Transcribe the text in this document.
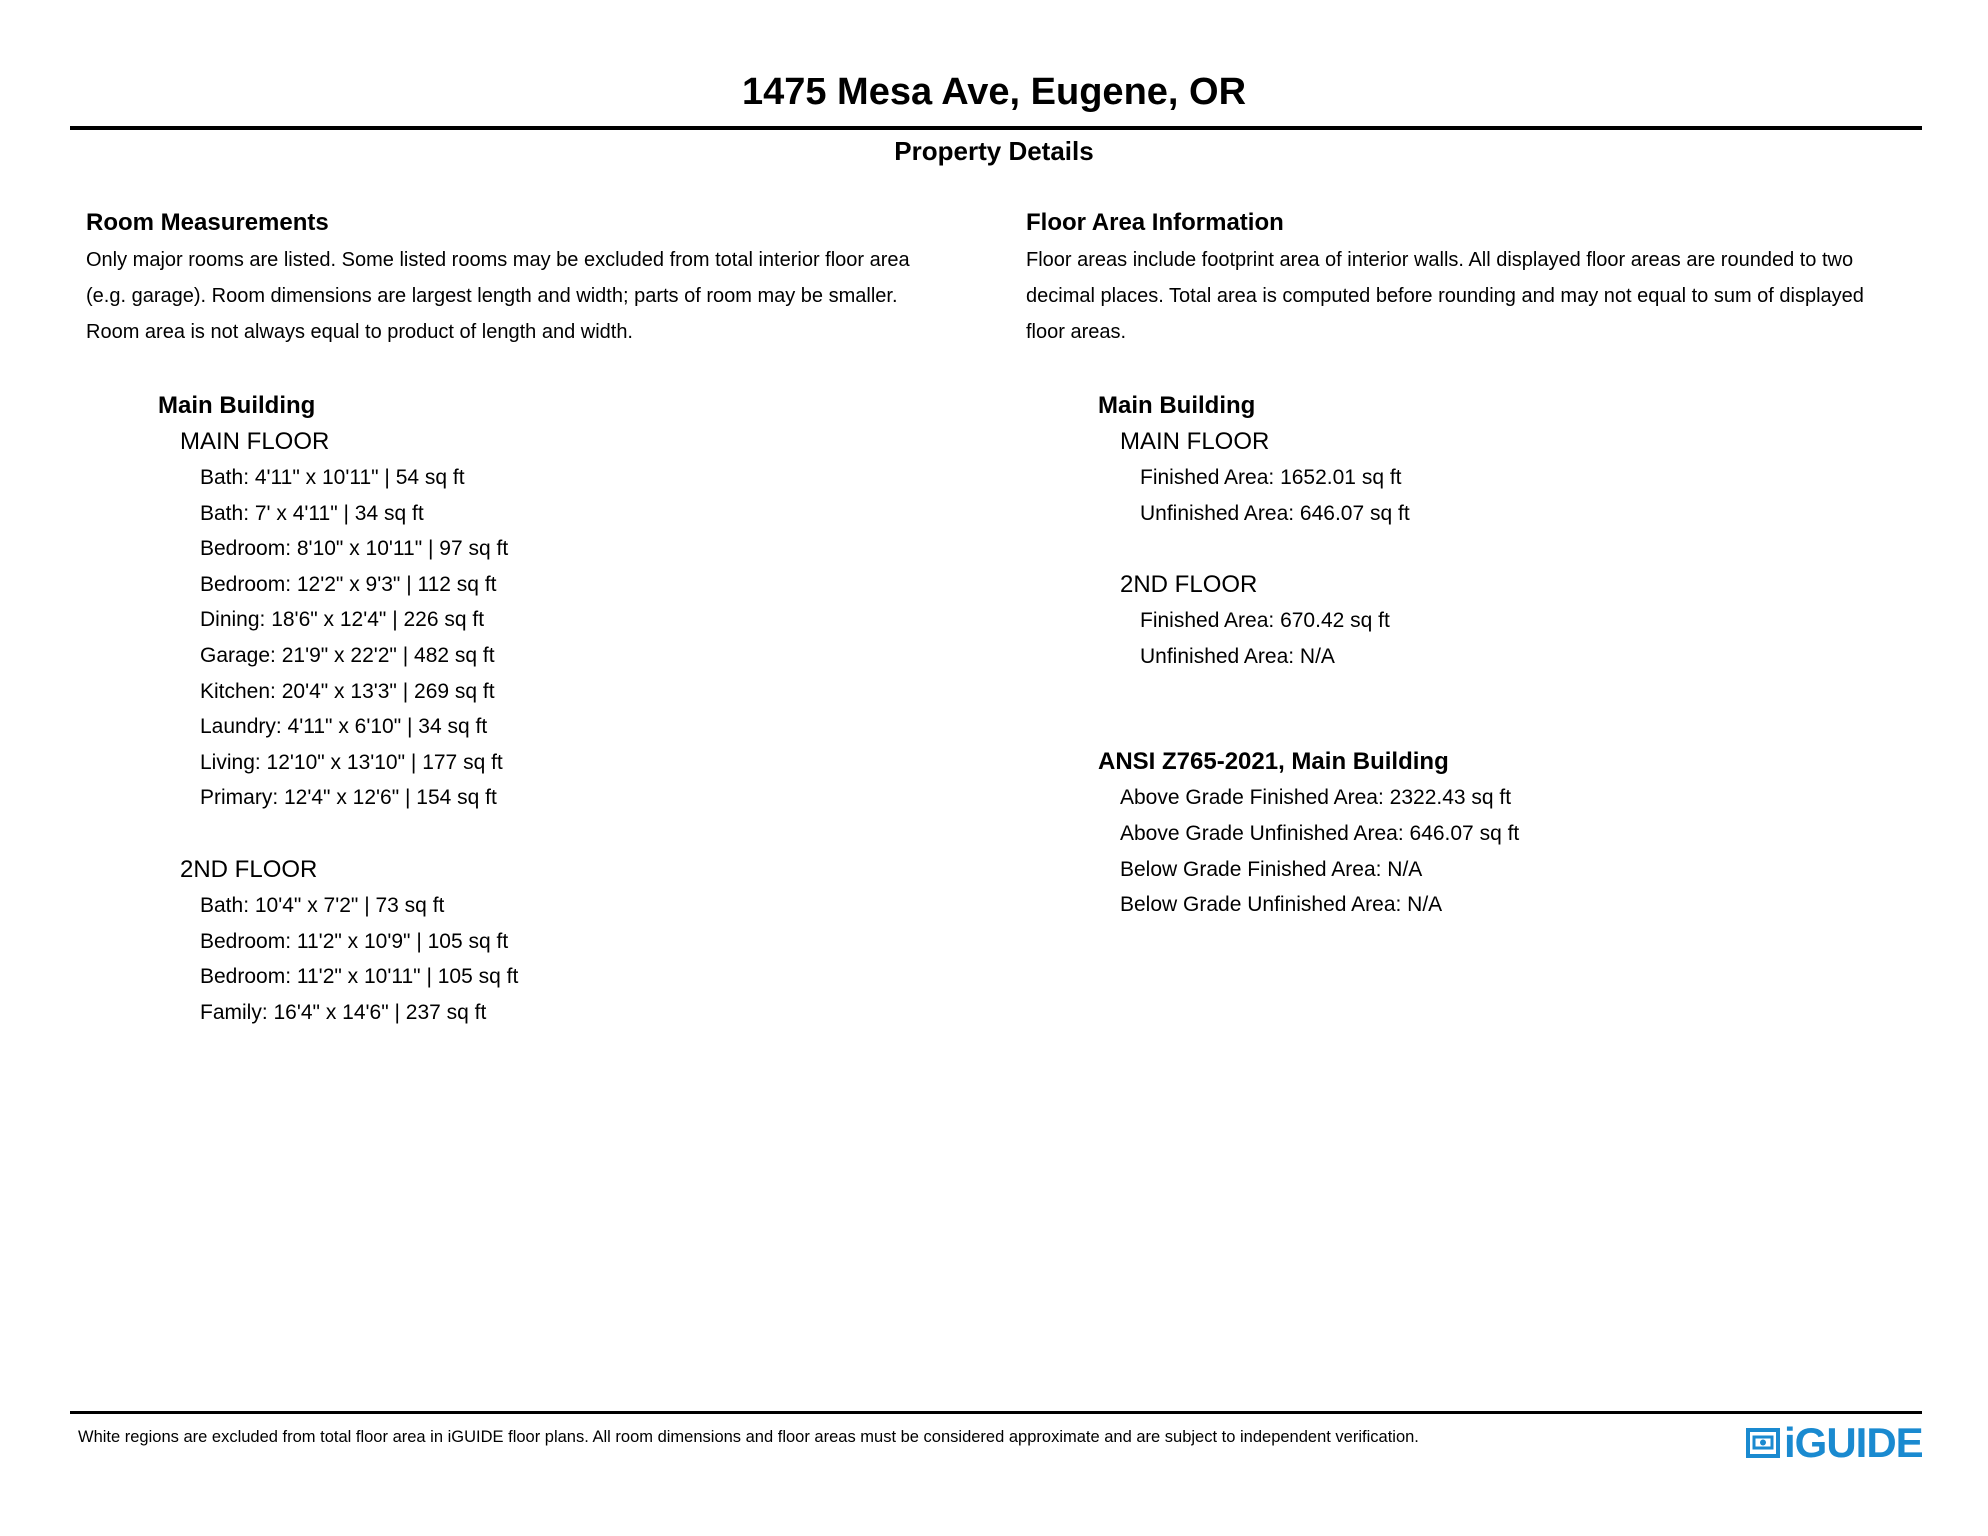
1475 Mesa Ave, Eugene, OR
Property Details
Room Measurements
Only major rooms are listed. Some listed rooms may be excluded from total interior floor area
(e.g. garage). Room dimensions are largest length and width; parts of room may be smaller.
Room area is not always equal to product of length and width.
Main Building
MAIN FLOOR
Bath: 4'11" x 10'11" | 54 sq ft
Bath: 7' x 4'11" | 34 sq ft
Bedroom: 8'10" x 10'11" | 97 sq ft
Bedroom: 12'2" x 9'3" | 112 sq ft
Dining: 18'6" x 12'4" | 226 sq ft
Garage: 21'9" x 22'2" | 482 sq ft
Kitchen: 20'4" x 13'3" | 269 sq ft
Laundry: 4'11" x 6'10" | 34 sq ft
Living: 12'10" x 13'10" | 177 sq ft
Primary: 12'4" x 12'6" | 154 sq ft
2ND FLOOR
Bath: 10'4" x 7'2" | 73 sq ft
Bedroom: 11'2" x 10'9" | 105 sq ft
Bedroom: 11'2" x 10'11" | 105 sq ft
Family: 16'4" x 14'6" | 237 sq ft
Floor Area Information
Floor areas include footprint area of interior walls. All displayed floor areas are rounded to two
decimal places. Total area is computed before rounding and may not equal to sum of displayed
floor areas.
Main Building
MAIN FLOOR
Finished Area: 1652.01 sq ft
Unfinished Area: 646.07 sq ft
2ND FLOOR
Finished Area: 670.42 sq ft
Unfinished Area: N/A
ANSI Z765-2021, Main Building
Above Grade Finished Area: 2322.43 sq ft
Above Grade Unfinished Area: 646.07 sq ft
Below Grade Finished Area: N/A
Below Grade Unfinished Area: N/A
White regions are excluded from total floor area in iGUIDE floor plans. All room dimensions and floor areas must be considered approximate and are subject to independent verification.	iGUIDE
